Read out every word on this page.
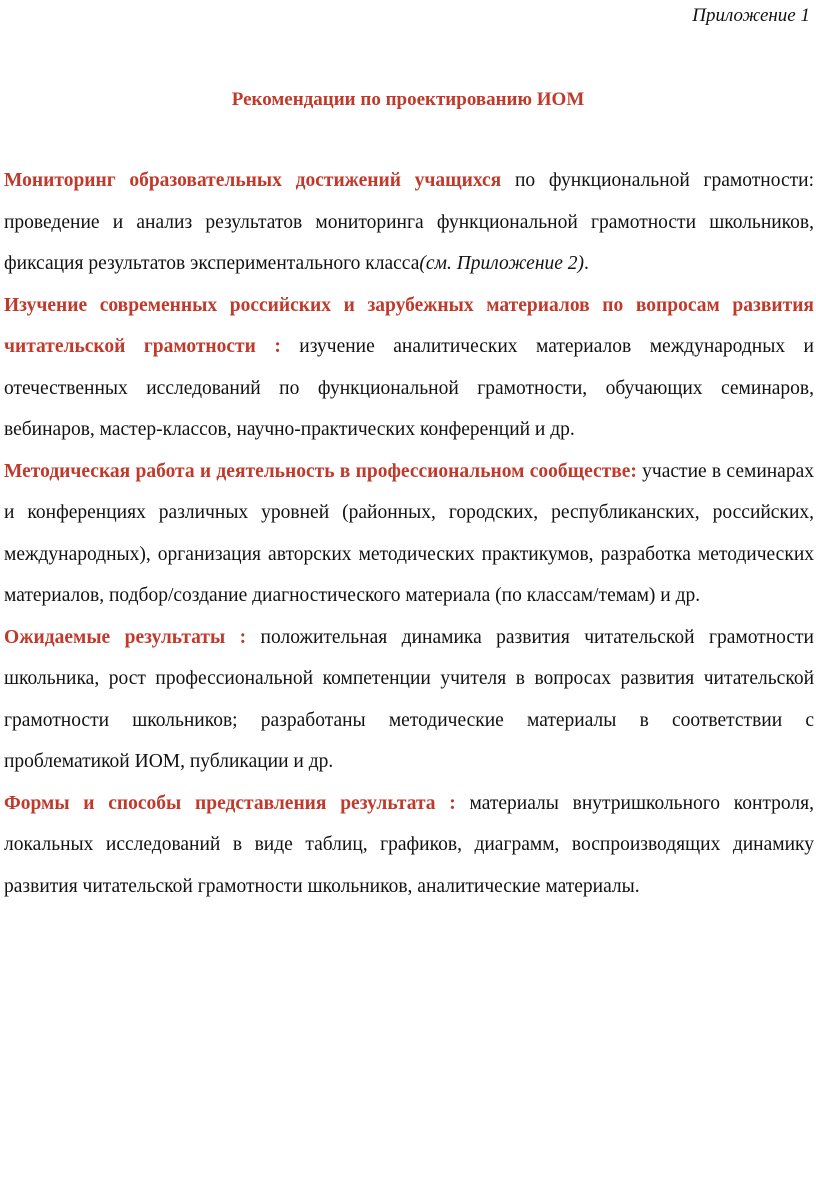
Приложение 1
Рекомендации по проектированию ИОМ

Мониторинг образовательных достижений учащихся по функциональной грамотности: проведение и анализ результатов мониторинга функциональной грамотности школьников, фиксация результатов экспериментального класса(см. Приложение 2).

Изучение современных российских и зарубежных материалов по вопросам развития читательской грамотности : изучение аналитических материалов международных и отечественных исследований по функциональной грамотности, обучающих семинаров, вебинаров, мастер-классов, научно-практических конференций и др.

Методическая работа и деятельность в профессиональном сообществе: участие в семинарах и конференциях различных уровней (районных, городских, республиканских, российских, международных), организация авторских методических практикумов, разработка методических материалов, подбор/создание диагностического материала (по классам/темам) и др.

Ожидаемые результаты : положительная динамика развития читательской грамотности школьника, рост профессиональной компетенции учителя в вопросах развития читательской грамотности школьников; разработаны методические материалы в соответствии с проблематикой ИОМ, публикации и др.

Формы и способы представления результата : материалы внутришкольного контроля, локальных исследований в виде таблиц, графиков, диаграмм, воспроизводящих динамику развития читательской грамотности школьников, аналитические материалы.
